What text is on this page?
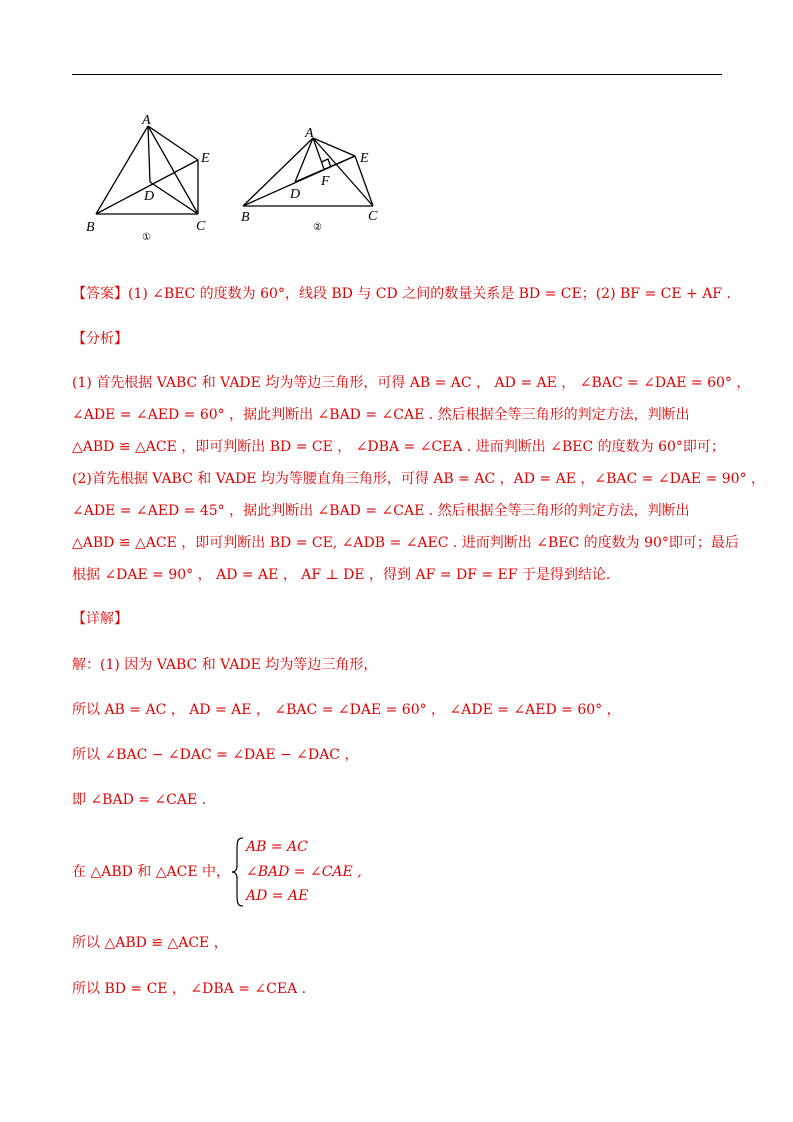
A
E
D
B	C
①
A
E
F
D
B	C
②
【答案】(1) ∠BEC 的度数为 60°，线段 BD 与 CD 之间的数量关系是 BD = CE；(2) BF = CE + AF .
【分析】
(1) 首先根据 VABC 和 VADE 均为等边三角形，可得 AB = AC ， AD = AE ， ∠BAC = ∠DAE = 60° ，
∠ADE = ∠AED = 60° ，据此判断出 ∠BAD = ∠CAE . 然后根据全等三角形的判定方法，判断出
△ABD ≌ △ACE ，即可判断出 BD = CE ， ∠DBA = ∠CEA . 进而判断出 ∠BEC 的度数为 60°即可；
(2)首先根据 VABC 和 VADE 均为等腰直角三角形，可得 AB = AC ，AD = AE ，∠BAC = ∠DAE = 90° ，
∠ADE = ∠AED = 45° ，据此判断出 ∠BAD = ∠CAE . 然后根据全等三角形的判定方法，判断出
△ABD ≌ △ACE ，即可判断出 BD = CE, ∠ADB = ∠AEC . 进而判断出 ∠BEC 的度数为 90°即可；最后
根据 ∠DAE = 90° ， AD = AE ， AF ⊥ DE ，得到 AF = DF = EF 于是得到结论.
【详解】
解：(1) 因为 VABC 和 VADE 均为等边三角形，
所以 AB = AC ， AD = AE ， ∠BAC = ∠DAE = 60° ， ∠ADE = ∠AED = 60° ，
所以 ∠BAC − ∠DAC = ∠DAE − ∠DAC ，
即 ∠BAD = ∠CAE .
在 △ABD 和 △ACE 中，
AB = AC
∠BAD = ∠CAE ,
AD = AE
所以 △ABD ≌ △ACE ，
所以 BD = CE ， ∠DBA = ∠CEA .
